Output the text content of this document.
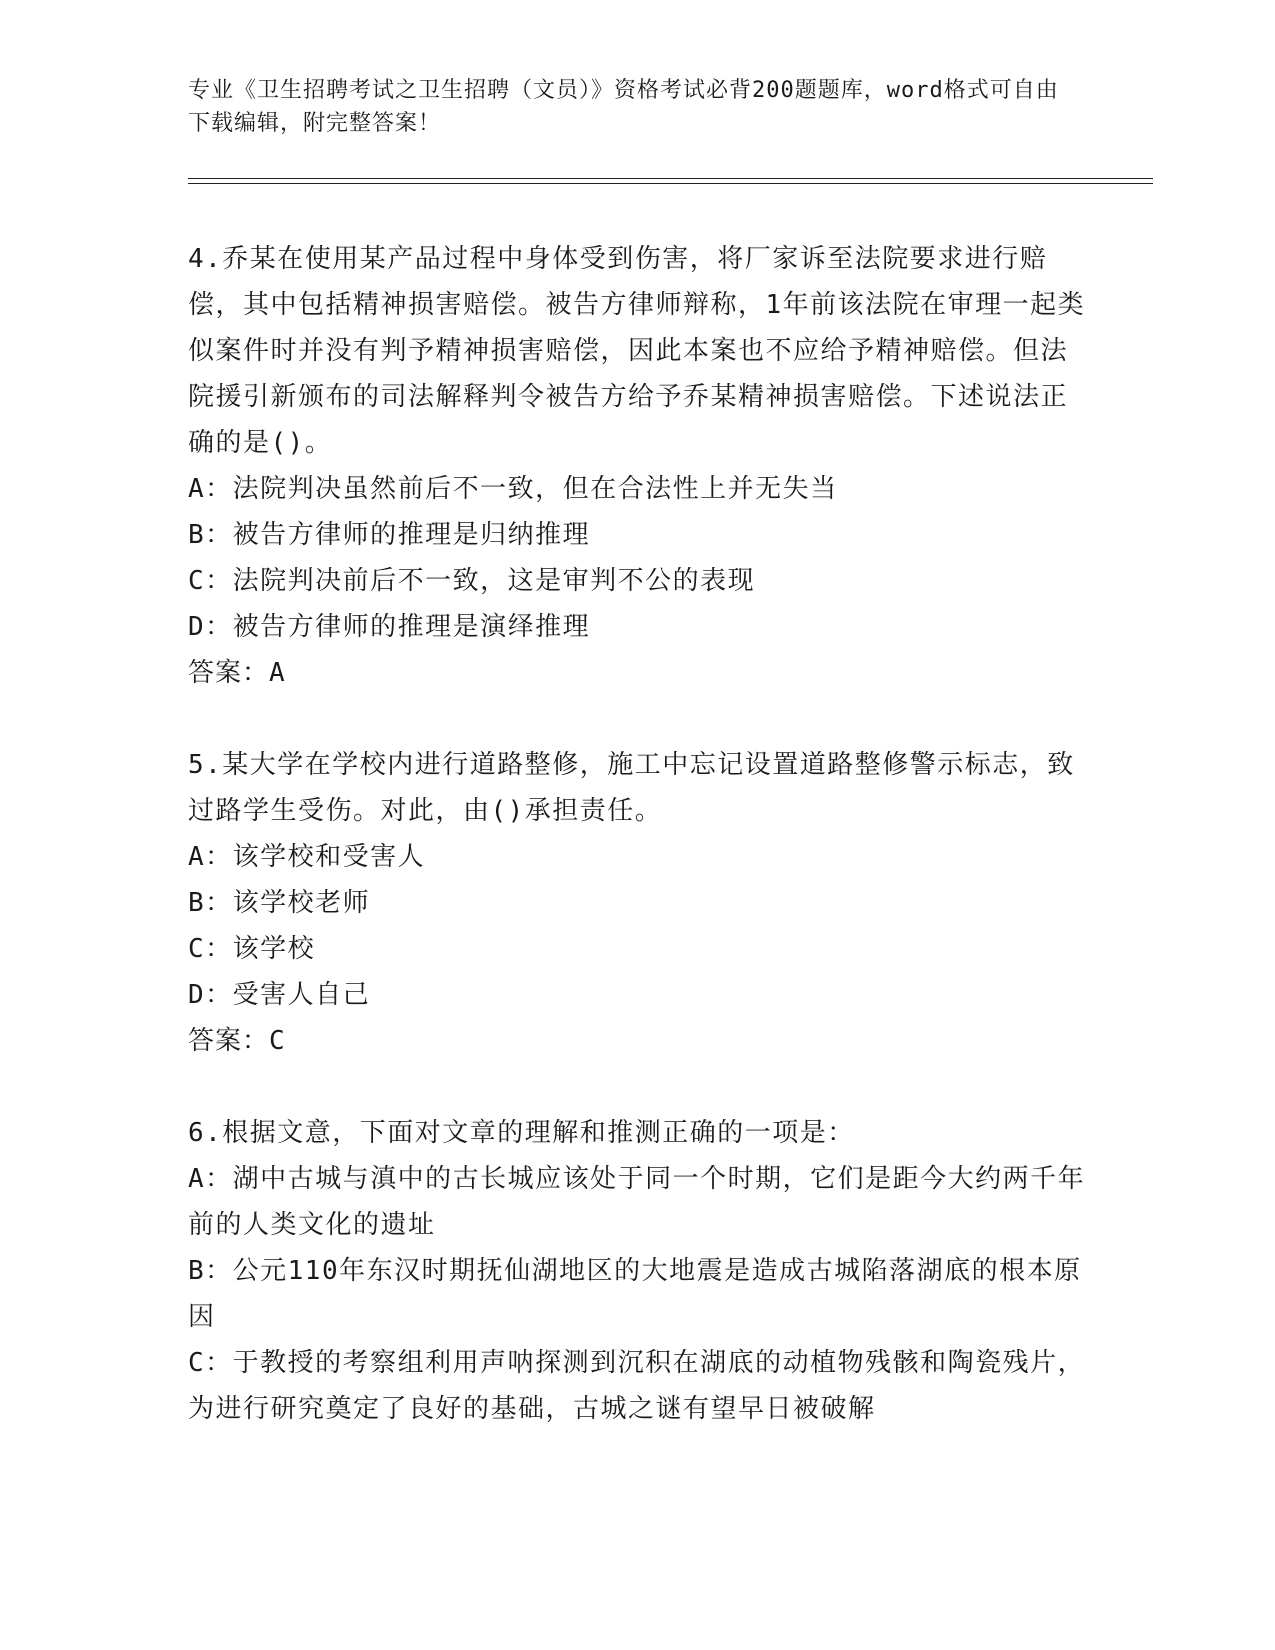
专业《卫生招聘考试之卫生招聘（文员）》资格考试必背200题题库，word格式可自由下载编辑，附完整答案！
4.乔某在使用某产品过程中身体受到伤害，将厂家诉至法院要求进行赔偿，其中包括精神损害赔偿。被告方律师辩称，1年前该法院在审理一起类似案件时并没有判予精神损害赔偿，因此本案也不应给予精神赔偿。但法院援引新颁布的司法解释判令被告方给予乔某精神损害赔偿。下述说法正确的是()。
A：法院判决虽然前后不一致，但在合法性上并无失当
B：被告方律师的推理是归纳推理
C：法院判决前后不一致，这是审判不公的表现
D：被告方律师的推理是演绎推理
答案：A
5.某大学在学校内进行道路整修，施工中忘记设置道路整修警示标志，致过路学生受伤。对此，由()承担责任。
A：该学校和受害人
B：该学校老师
C：该学校
D：受害人自己
答案：C
6.根据文意，下面对文章的理解和推测正确的一项是：
A：湖中古城与滇中的古长城应该处于同一个时期，它们是距今大约两千年前的人类文化的遗址
B：公元110年东汉时期抚仙湖地区的大地震是造成古城陷落湖底的根本原因
C：于教授的考察组利用声呐探测到沉积在湖底的动植物残骸和陶瓷残片，为进行研究奠定了良好的基础，古城之谜有望早日被破解
